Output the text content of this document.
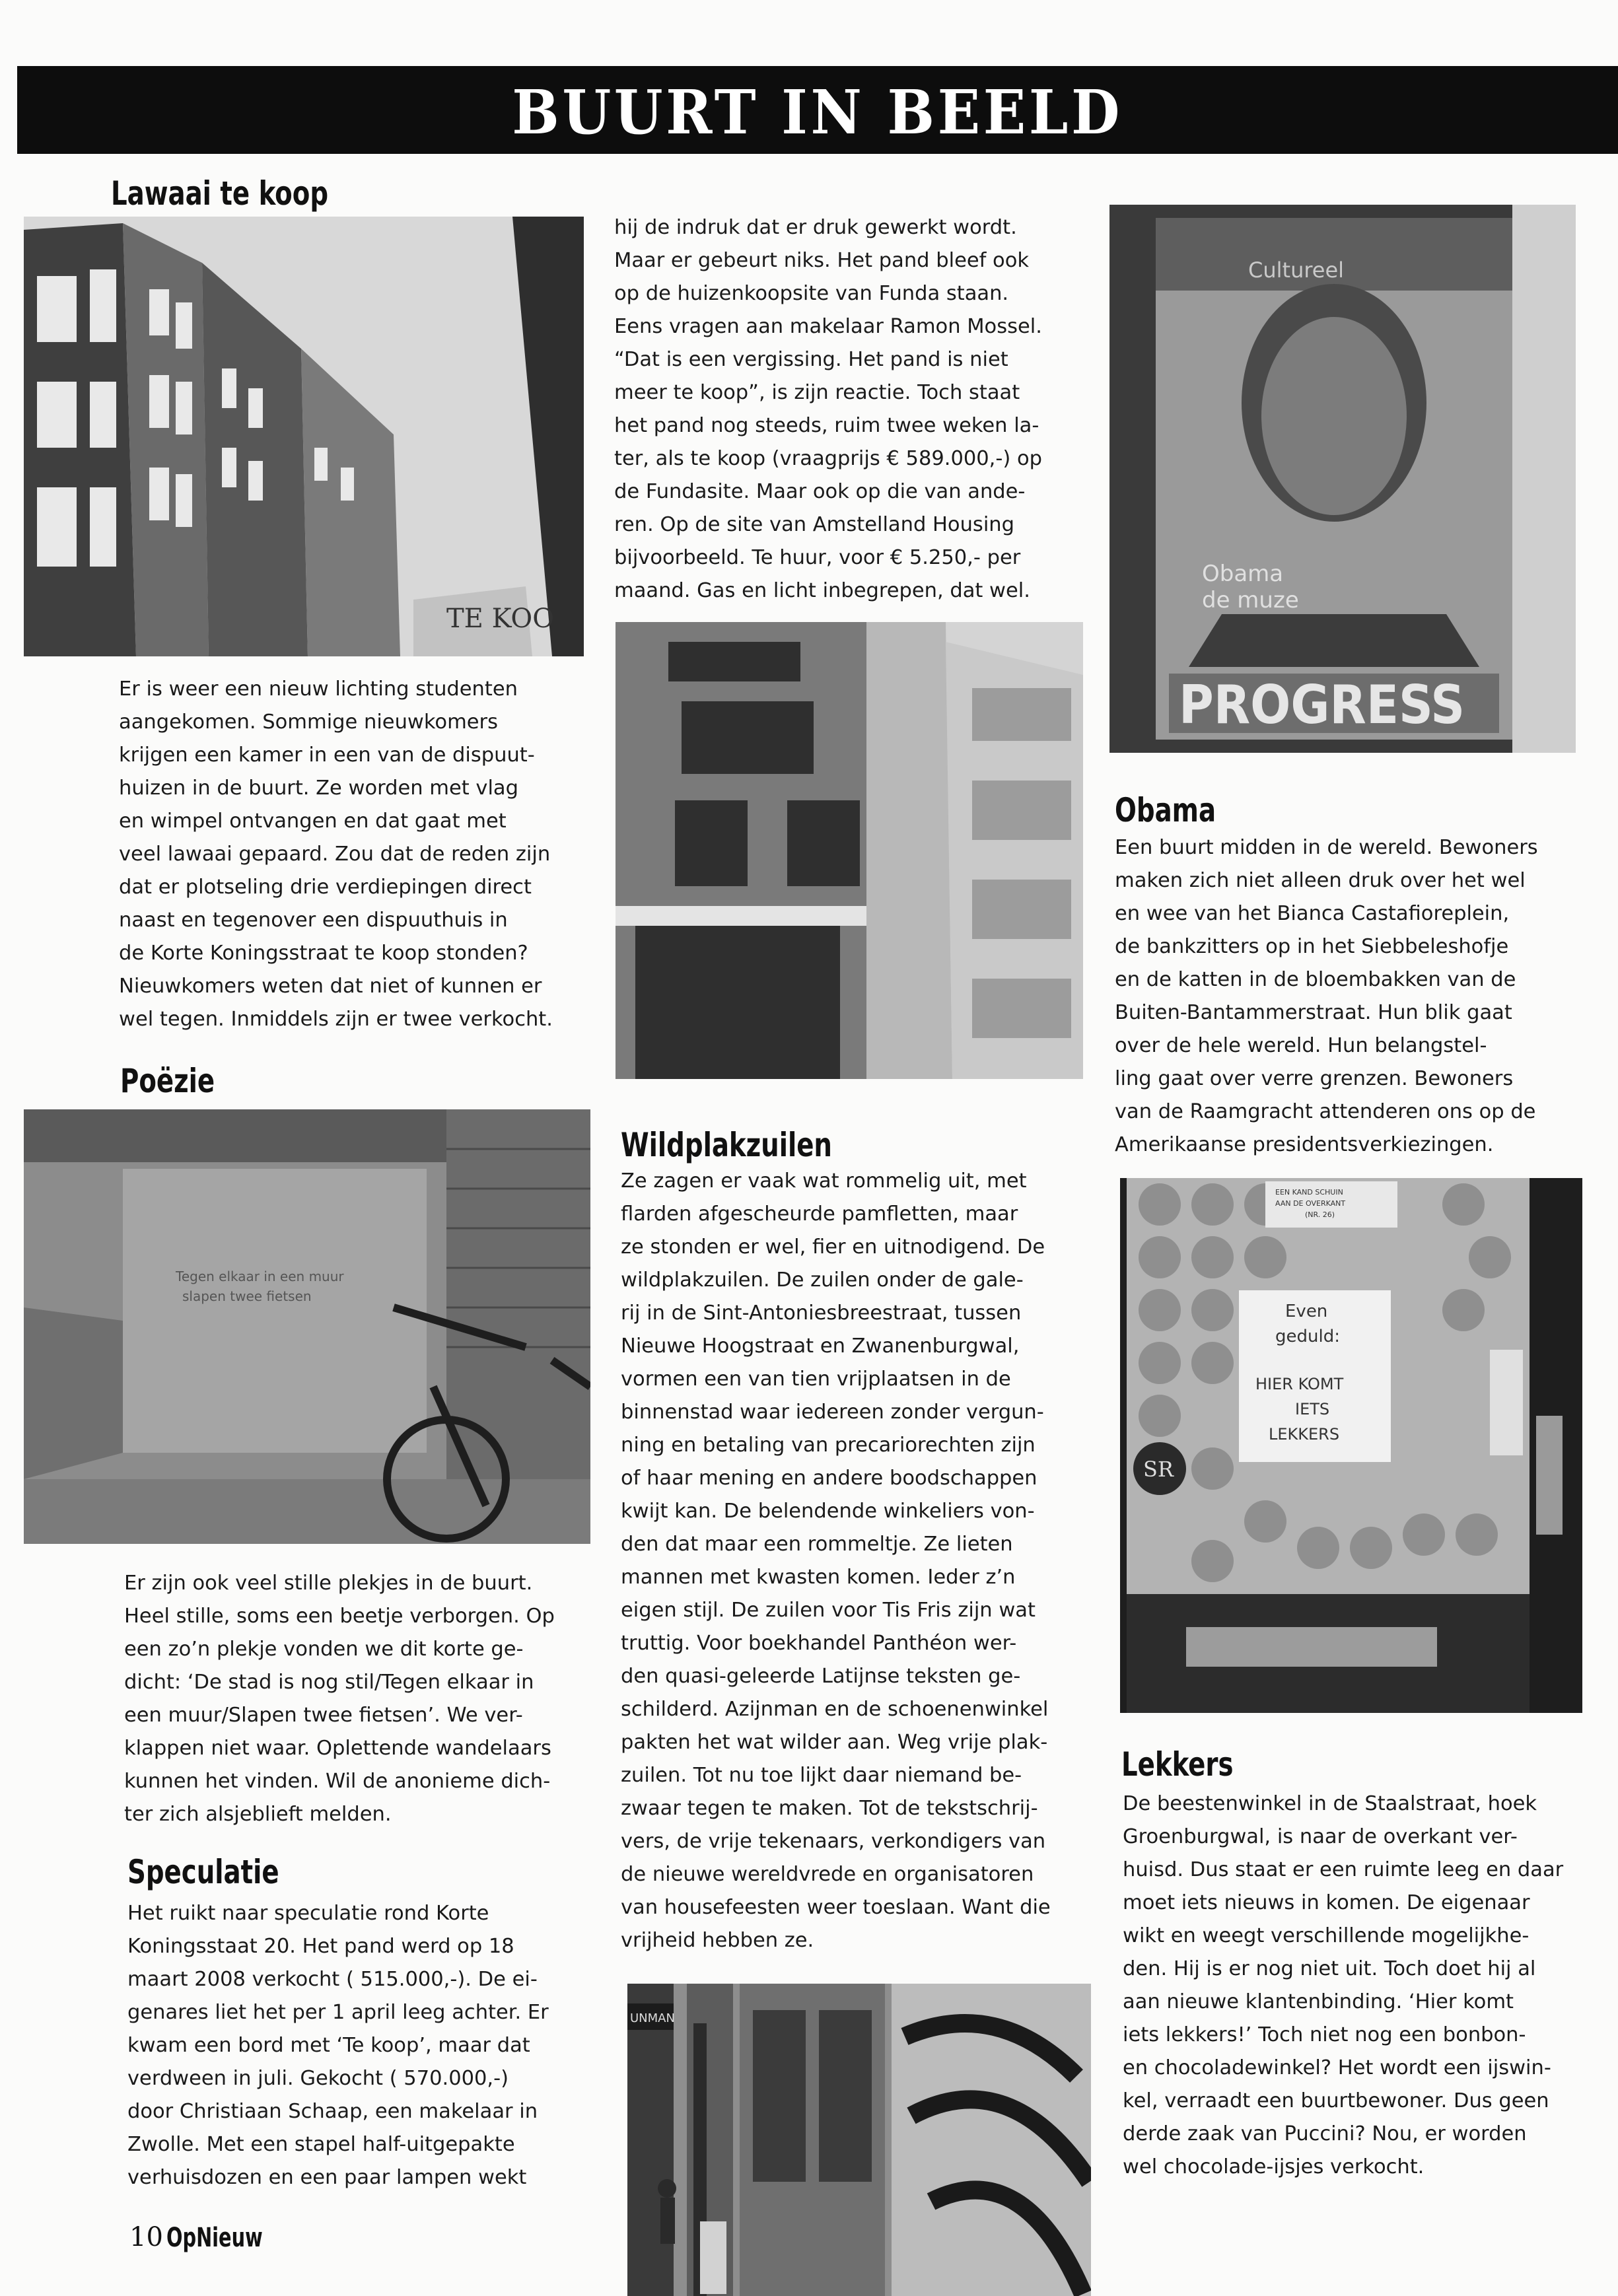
BUURT IN BEELD
Lawaai te koop
TE KOO
Er is weer een nieuw lichting studenten
aangekomen. Sommige nieuwkomers
krijgen een kamer in een van de dispuut-
huizen in de buurt. Ze worden met vlag
en wimpel ontvangen en dat gaat met
veel lawaai gepaard. Zou dat de reden zijn
dat er plotseling drie verdiepingen direct
naast en tegenover een dispuuthuis in
de Korte Koningsstraat te koop stonden?
Nieuwkomers weten dat niet of kunnen er
wel tegen. Inmiddels zijn er twee verkocht.
Poëzie
Tegen elkaar in een muur
slapen twee fietsen
Er zijn ook veel stille plekjes in de buurt.
Heel stille, soms een beetje verborgen. Op
een zo’n plekje vonden we dit korte ge-
dicht: ‘De stad is nog stil/Tegen elkaar in
een muur/Slapen twee fietsen’. We ver-
klappen niet waar. Oplettende wandelaars
kunnen het vinden. Wil de anonieme dich-
ter zich alsjeblieft melden.
Speculatie
Het ruikt naar speculatie rond Korte
Koningsstaat 20. Het pand werd op 18
maart 2008 verkocht ( 515.000,-). De ei-
genares liet het per 1 april leeg achter. Er
kwam een bord met ‘Te koop’, maar dat
verdween in juli. Gekocht ( 570.000,-)
door Christiaan Schaap, een makelaar in
Zwolle. Met een stapel half-uitgepakte
verhuisdozen en een paar lampen wekt
10 OpNieuw
hij de indruk dat er druk gewerkt wordt.
Maar er gebeurt niks. Het pand bleef ook
op de huizenkoopsite van Funda staan.
Eens vragen aan makelaar Ramon Mossel.
“Dat is een vergissing. Het pand is niet
meer te koop”, is zijn reactie. Toch staat
het pand nog steeds, ruim twee weken la-
ter, als te koop (vraagprijs € 589.000,-) op
de Fundasite. Maar ook op die van ande-
ren. Op de site van Amstelland Housing
bijvoorbeeld. Te huur, voor € 5.250,- per
maand. Gas en licht inbegrepen, dat wel.
Wildplakzuilen
Ze zagen er vaak wat rommelig uit, met
flarden afgescheurde pamfletten, maar
ze stonden er wel, fier en uitnodigend. De
wildplakzuilen. De zuilen onder de gale-
rij in de Sint-Antoniesbreestraat, tussen
Nieuwe Hoogstraat en Zwanenburgwal,
vormen een van tien vrijplaatsen in de
binnenstad waar iedereen zonder vergun-
ning en betaling van precariorechten zijn
of haar mening en andere boodschappen
kwijt kan. De belendende winkeliers von-
den dat maar een rommeltje. Ze lieten
mannen met kwasten komen. Ieder z’n
eigen stijl. De zuilen voor Tis Fris zijn wat
truttig. Voor boekhandel Panthéon wer-
den quasi-geleerde Latijnse teksten ge-
schilderd. Azijnman en de schoenenwinkel
pakten het wat wilder aan. Weg vrije plak-
zuilen. Tot nu toe lijkt daar niemand be-
zwaar tegen te maken. Tot de tekstschrij-
vers, de vrije tekenaars, verkondigers van
de nieuwe wereldvrede en organisatoren
van housefeesten weer toeslaan. Want die
vrijheid hebben ze.
UNMAN
Cultureel
Obama
de muze
PROGRESS
Obama
Een buurt midden in de wereld. Bewoners
maken zich niet alleen druk over het wel
en wee van het Bianca Castafioreplein,
de bankzitters op in het Siebbeleshofje
en de katten in de bloembakken van de
Buiten-Bantammerstraat. Hun blik gaat
over de hele wereld. Hun belangstel-
ling gaat over verre grenzen. Bewoners
van de Raamgracht attenderen ons op de
Amerikaanse presidentsverkiezingen.
EEN KAND SCHUIN
AAN DE OVERKANT
(NR. 26)
Even
geduld:
HIER KOMT
IETS
LEKKERS
SR
Lekkers
De beestenwinkel in de Staalstraat, hoek
Groenburgwal, is naar de overkant ver-
huisd. Dus staat er een ruimte leeg en daar
moet iets nieuws in komen. De eigenaar
wikt en weegt verschillende mogelijkhe-
den. Hij is er nog niet uit. Toch doet hij al
aan nieuwe klantenbinding. ‘Hier komt
iets lekkers!’ Toch niet nog een bonbon-
en chocoladewinkel? Het wordt een ijswin-
kel, verraadt een buurtbewoner. Dus geen
derde zaak van Puccini? Nou, er worden
wel chocolade-ijsjes verkocht.
